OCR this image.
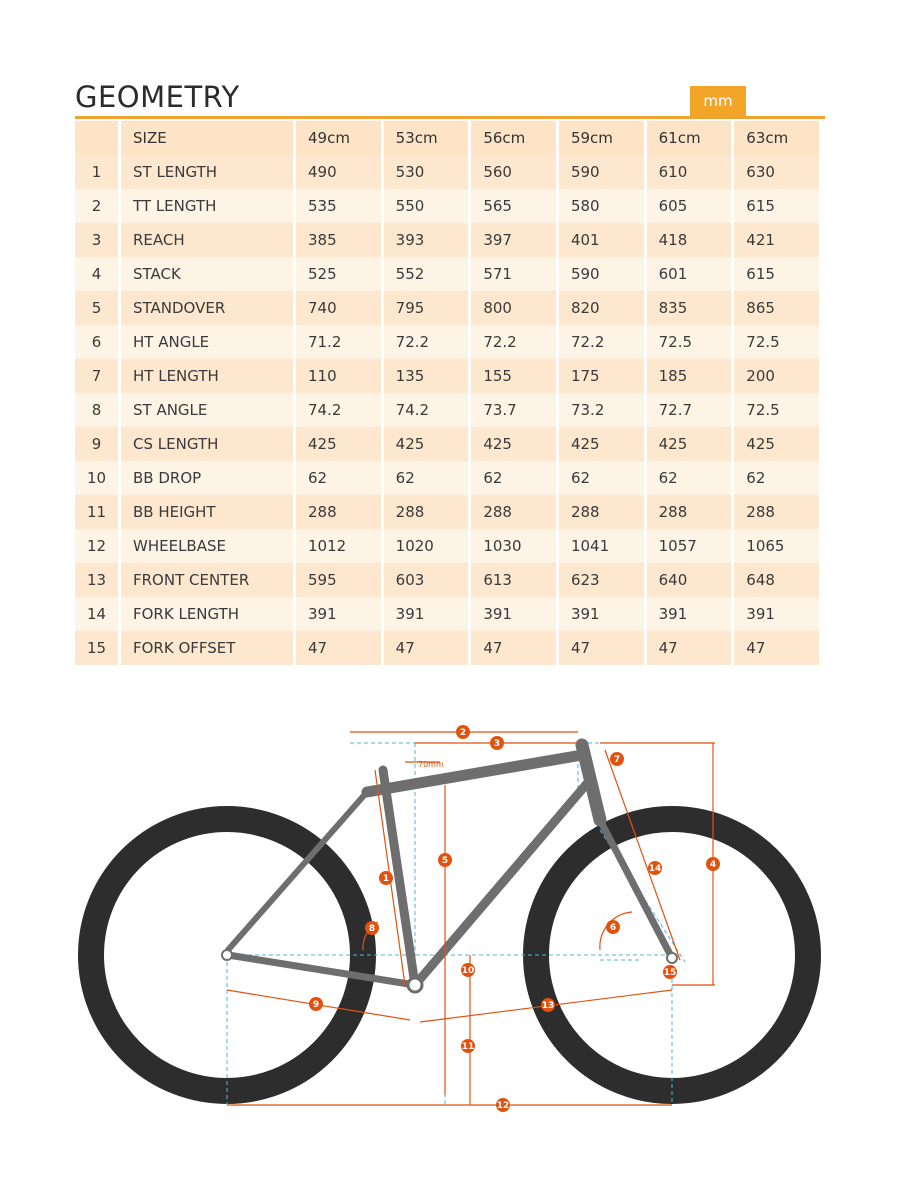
GEOMETRY	mm
	SIZE	49cm	53cm	56cm	59cm	61cm	63cm
1	ST LENGTH	490	530	560	590	610	630
2	TT LENGTH	535	550	565	580	605	615
3	REACH	385	393	397	401	418	421
4	STACK	525	552	571	590	601	615
5	STANDOVER	740	795	800	820	835	865
6	HT ANGLE	71.2	72.2	72.2	72.2	72.5	72.5
7	HT LENGTH	110	135	155	175	185	200
8	ST ANGLE	74.2	74.2	73.7	73.2	72.7	72.5
9	CS LENGTH	425	425	425	425	425	425
10	BB DROP	62	62	62	62	62	62
11	BB HEIGHT	288	288	288	288	288	288
12	WHEELBASE	1012	1020	1030	1041	1057	1065
13	FRONT CENTER	595	603	613	623	640	648
14	FORK LENGTH	391	391	391	391	391	391
15	FORK OFFSET	47	47	47	47	47	47
70mm
1
2
3
4
5
6
7
8
9
10
11
12
13
14
15
